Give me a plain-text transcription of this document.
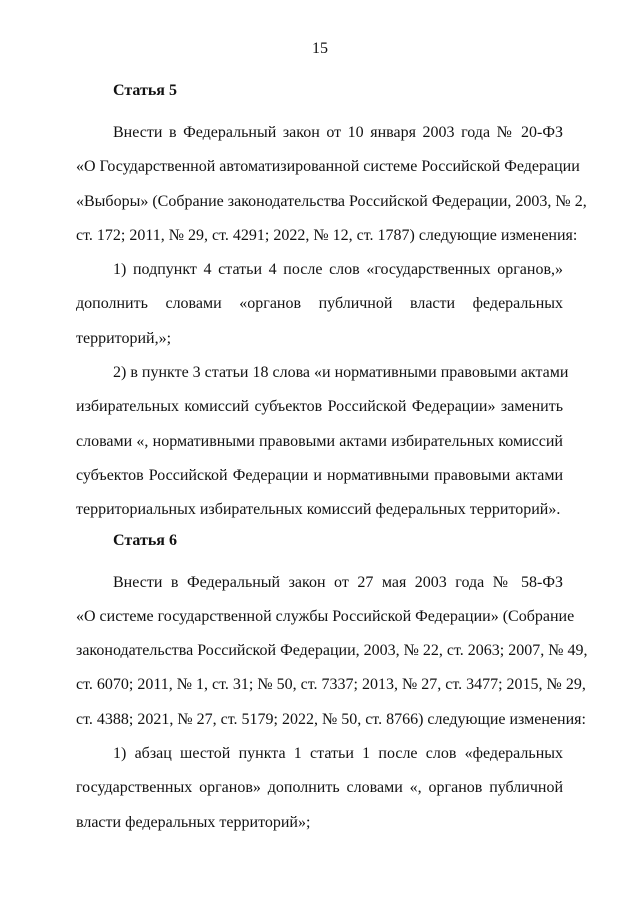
15
Статья 5
Внести в Федеральный закон от 10 января 2003 года № 20-ФЗ
«О Государственной автоматизированной системе Российской Федерации
«Выборы» (Собрание законодательства Российской Федерации, 2003, № 2,
ст. 172; 2011, № 29, ст. 4291; 2022, № 12, ст. 1787) следующие изменения:
1) подпункт 4 статьи 4 после слов «государственных органов,»
дополнить словами «органов публичной власти федеральных
территорий,»;
2) в пункте 3 статьи 18 слова «и нормативными правовыми актами
избирательных комиссий субъектов Российской Федерации» заменить
словами «, нормативными правовыми актами избирательных комиссий
субъектов Российской Федерации и нормативными правовыми актами
территориальных избирательных комиссий федеральных территорий».
Статья 6
Внести в Федеральный закон от 27 мая 2003 года № 58-ФЗ
«О системе государственной службы Российской Федерации» (Собрание
законодательства Российской Федерации, 2003, № 22, ст. 2063; 2007, № 49,
ст. 6070; 2011, № 1, ст. 31; № 50, ст. 7337; 2013, № 27, ст. 3477; 2015, № 29,
ст. 4388; 2021, № 27, ст. 5179; 2022, № 50, ст. 8766) следующие изменения:
1) абзац шестой пункта 1 статьи 1 после слов «федеральных
государственных органов» дополнить словами «, органов публичной
власти федеральных территорий»;
